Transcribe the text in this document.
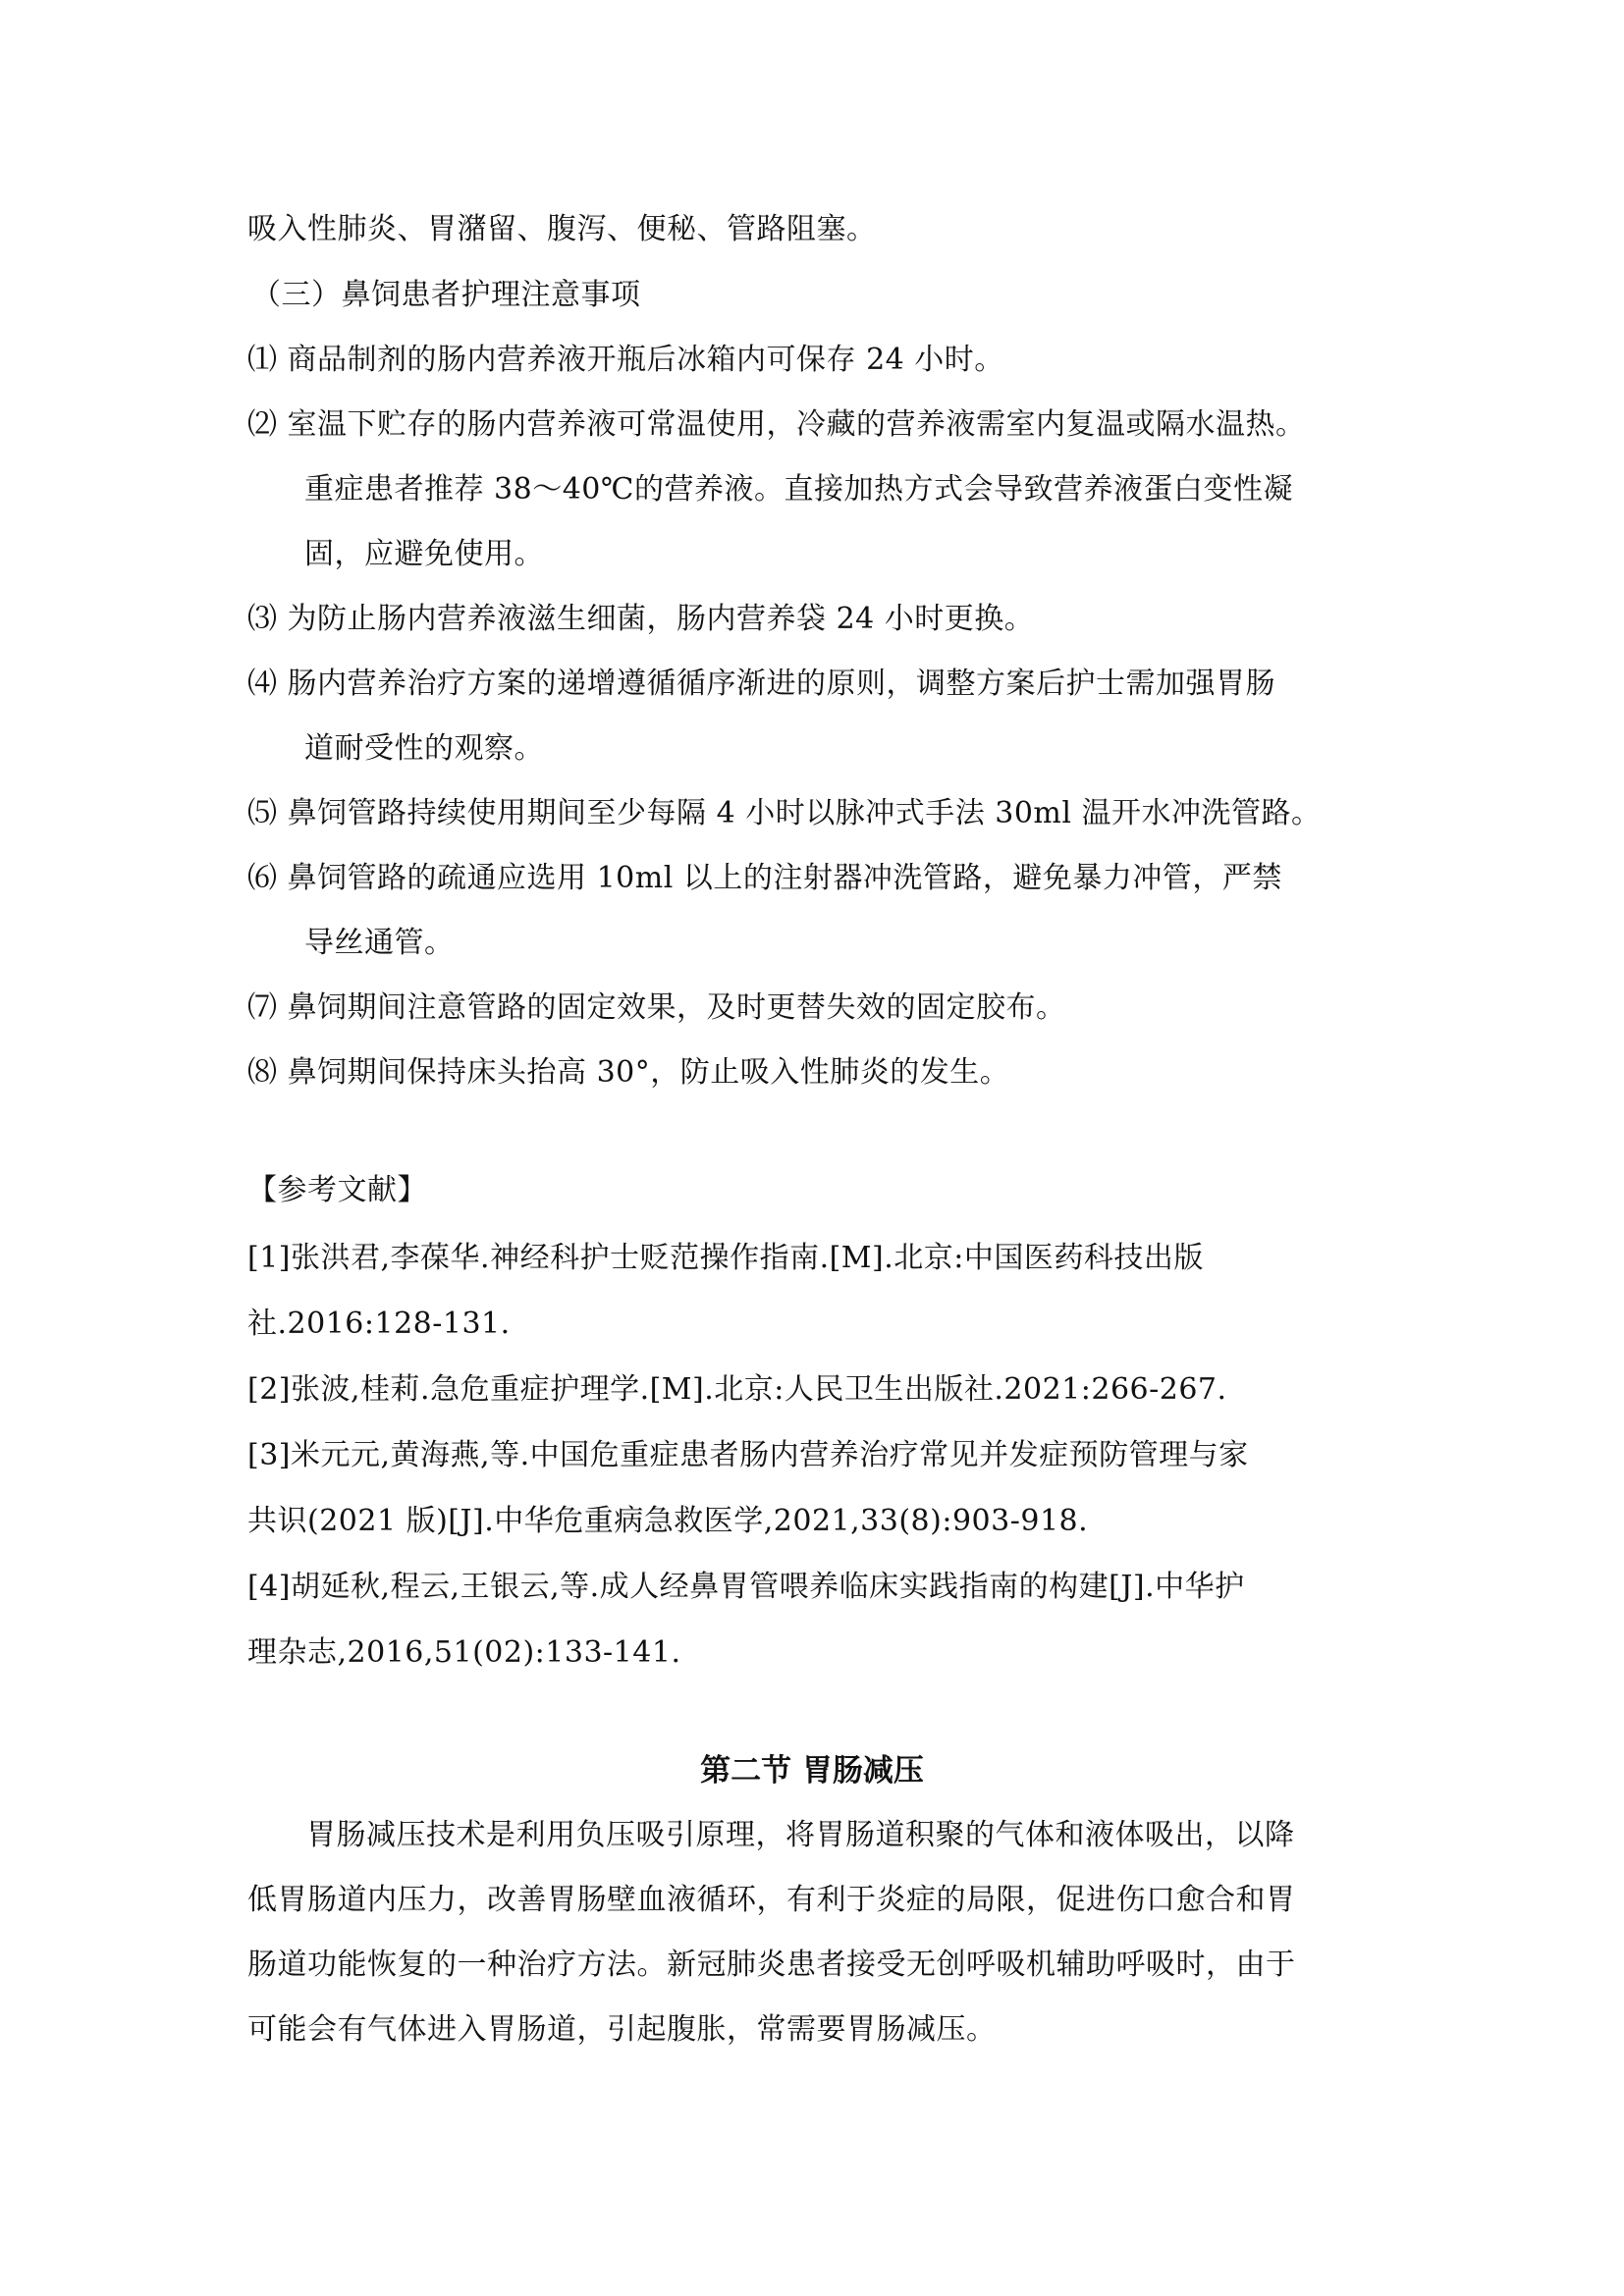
吸入性肺炎、胃潴留、腹泻、便秘、管路阻塞。
（三）鼻饲患者护理注意事项
⑴ 商品制剂的肠内营养液开瓶后冰箱内可保存 24 小时。
⑵ 室温下贮存的肠内营养液可常温使用，冷藏的营养液需室内复温或隔水温热。
重症患者推荐 38～40℃的营养液。直接加热方式会导致营养液蛋白变性凝
固，应避免使用。
⑶ 为防止肠内营养液滋生细菌，肠内营养袋 24 小时更换。
⑷ 肠内营养治疗方案的递增遵循循序渐进的原则，调整方案后护士需加强胃肠
道耐受性的观察。
⑸ 鼻饲管路持续使用期间至少每隔 4 小时以脉冲式手法 30ml 温开水冲洗管路。
⑹ 鼻饲管路的疏通应选用 10ml 以上的注射器冲洗管路，避免暴力冲管，严禁
导丝通管。
⑺ 鼻饲期间注意管路的固定效果，及时更替失效的固定胶布。
⑻ 鼻饲期间保持床头抬高 30°，防止吸入性肺炎的发生。
【参考文献】
[1]张洪君,李葆华.神经科护士贬范操作指南.[M].北京:中国医药科技出版
社.2016:128-131.
[2]张波,桂莉.急危重症护理学.[M].北京:人民卫生出版社.2021:266-267.
[3]米元元,黄海燕,等.中国危重症患者肠内营养治疗常见并发症预防管理与家
共识(2021 版)[J].中华危重病急救医学,2021,33(8):903-918.
[4]胡延秋,程云,王银云,等.成人经鼻胃管喂养临床实践指南的构建[J].中华护
理杂志,2016,51(02):133-141.
第二节 胃肠减压
胃肠减压技术是利用负压吸引原理，将胃肠道积聚的气体和液体吸出，以降
低胃肠道内压力，改善胃肠壁血液循环，有利于炎症的局限，促进伤口愈合和胃
肠道功能恢复的一种治疗方法。新冠肺炎患者接受无创呼吸机辅助呼吸时，由于
可能会有气体进入胃肠道，引起腹胀，常需要胃肠减压。
